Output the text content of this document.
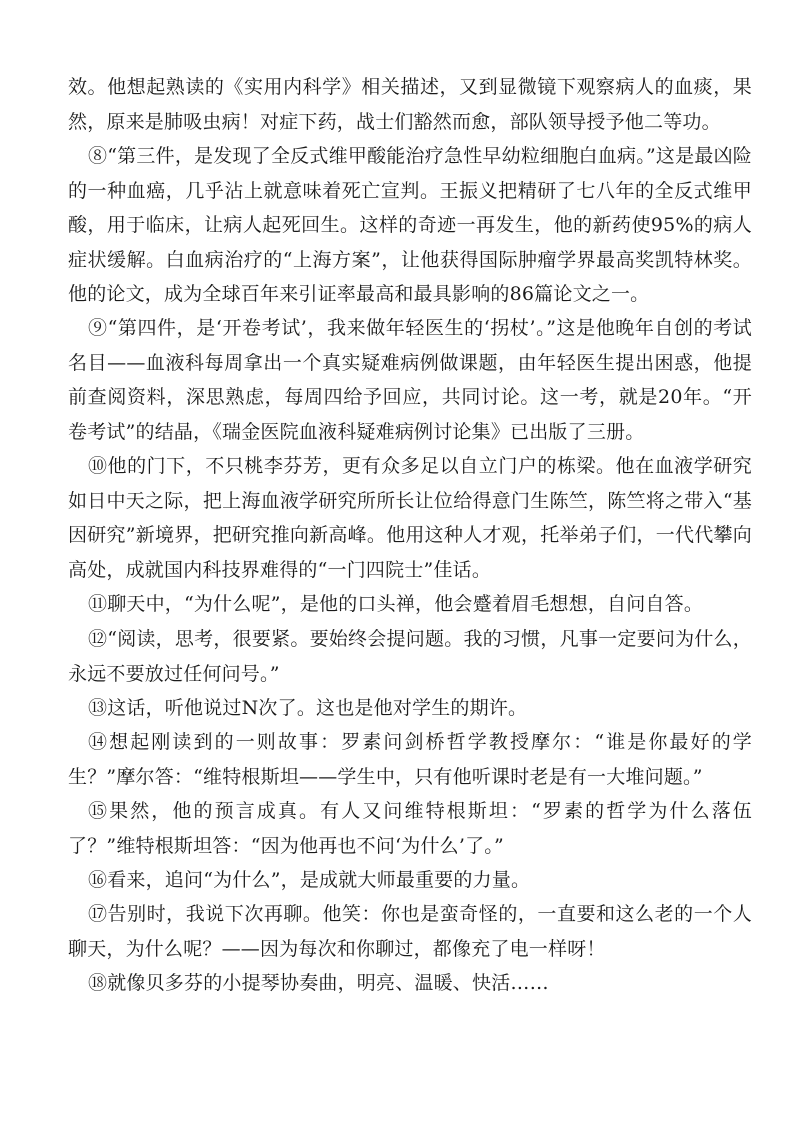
效。他想起熟读的《实用内科学》相关描述，又到显微镜下观察病人的血痰，果然，原来是肺吸虫病！对症下药，战士们豁然而愈，部队领导授予他二等功。

⑧“第三件，是发现了全反式维甲酸能治疗急性早幼粒细胞白血病。”这是最凶险的一种血癌，几乎沾上就意味着死亡宣判。王振义把精研了七八年的全反式维甲酸，用于临床，让病人起死回生。这样的奇迹一再发生，他的新药使95%的病人症状缓解。白血病治疗的“上海方案”，让他获得国际肿瘤学界最高奖凯特林奖。他的论文，成为全球百年来引证率最高和最具影响的86篇论文之一。

⑨“第四件，是‘开卷考试’，我来做年轻医生的‘拐杖’。”这是他晚年自创的考试名目——血液科每周拿出一个真实疑难病例做课题，由年轻医生提出困惑，他提前查阅资料，深思熟虑，每周四给予回应，共同讨论。这一考，就是20年。“开卷考试”的结晶，《瑞金医院血液科疑难病例讨论集》已出版了三册。

⑩他的门下，不只桃李芬芳，更有众多足以自立门户的栋梁。他在血液学研究如日中天之际，把上海血液学研究所所长让位给得意门生陈竺，陈竺将之带入“基因研究”新境界，把研究推向新高峰。他用这种人才观，托举弟子们，一代代攀向高处，成就国内科技界难得的“一门四院士”佳话。

⑪聊天中，“为什么呢”，是他的口头禅，他会蹙着眉毛想想，自问自答。

⑫“阅读，思考，很要紧。要始终会提问题。我的习惯，凡事一定要问为什么，永远不要放过任何问号。”

⑬这话，听他说过N次了。这也是他对学生的期许。

⑭想起刚读到的一则故事：罗素问剑桥哲学教授摩尔：“谁是你最好的学生？”摩尔答：“维特根斯坦——学生中，只有他听课时老是有一大堆问题。”

⑮果然，他的预言成真。有人又问维特根斯坦：“罗素的哲学为什么落伍了？”维特根斯坦答：“因为他再也不问‘为什么’了。”

⑯看来，追问“为什么”，是成就大师最重要的力量。

⑰告别时，我说下次再聊。他笑：你也是蛮奇怪的，一直要和这么老的一个人聊天，为什么呢？——因为每次和你聊过，都像充了电一样呀！

⑱就像贝多芬的小提琴协奏曲，明亮、温暖、快活……
